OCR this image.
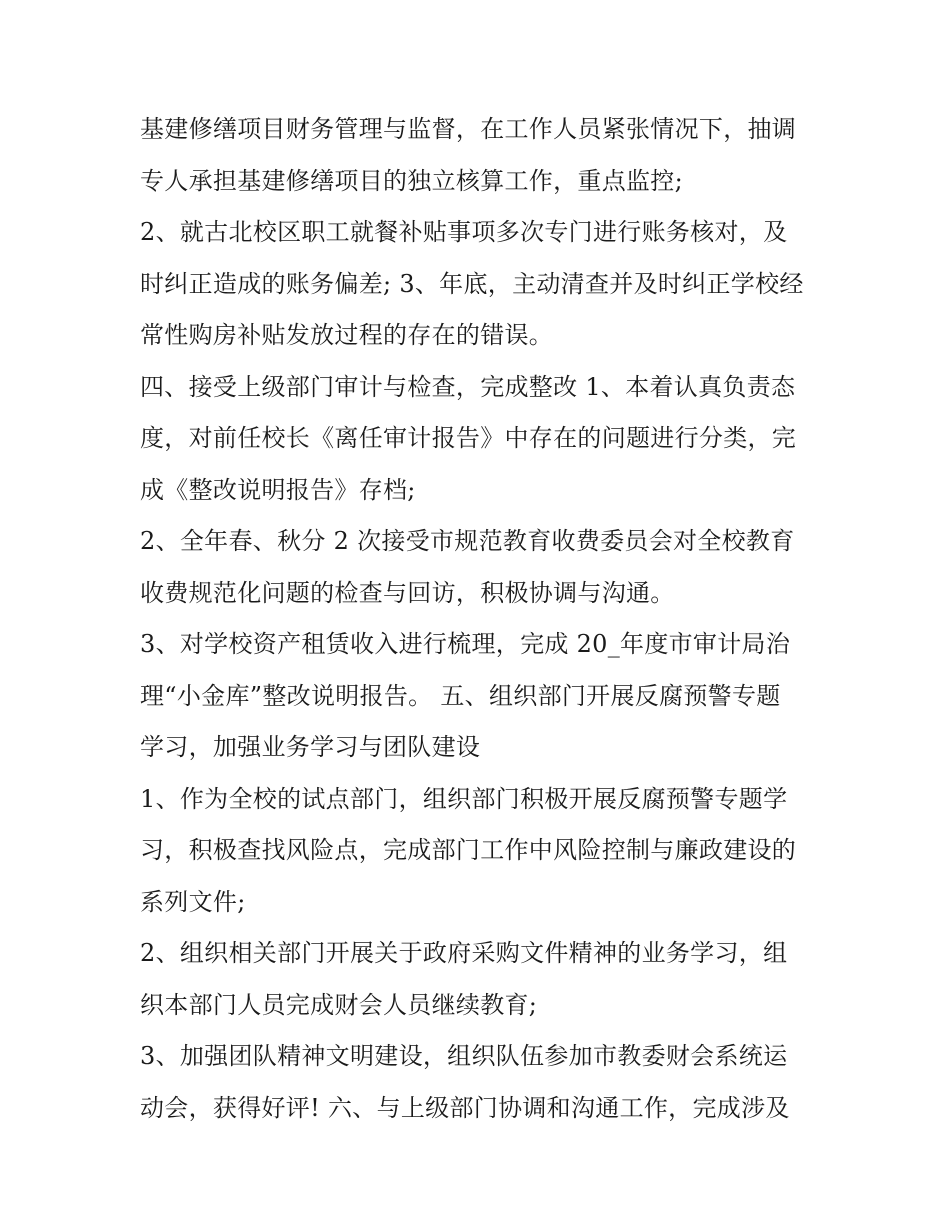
基建修缮项目财务管理与监督，在工作人员紧张情况下，抽调
专人承担基建修缮项目的独立核算工作，重点监控;
2、就古北校区职工就餐补贴事项多次专门进行账务核对，及
时纠正造成的账务偏差; 3、年底，主动清查并及时纠正学校经
常性购房补贴发放过程的存在的错误。
四、接受上级部门审计与检查，完成整改 1、本着认真负责态
度，对前任校长《离任审计报告》中存在的问题进行分类，完
成《整改说明报告》存档;
2、全年春、秋分 2 次接受市规范教育收费委员会对全校教育
收费规范化问题的检查与回访，积极协调与沟通。
3、对学校资产租赁收入进行梳理，完成 20_年度市审计局治
理“小金库”整改说明报告。 五、组织部门开展反腐预警专题
学习，加强业务学习与团队建设
1、作为全校的试点部门，组织部门积极开展反腐预警专题学
习，积极查找风险点，完成部门工作中风险控制与廉政建设的
系列文件;
2、组织相关部门开展关于政府采购文件精神的业务学习，组
织本部门人员完成财会人员继续教育;
3、加强团队精神文明建设，组织队伍参加市教委财会系统运
动会，获得好评! 六、与上级部门协调和沟通工作，完成涉及
